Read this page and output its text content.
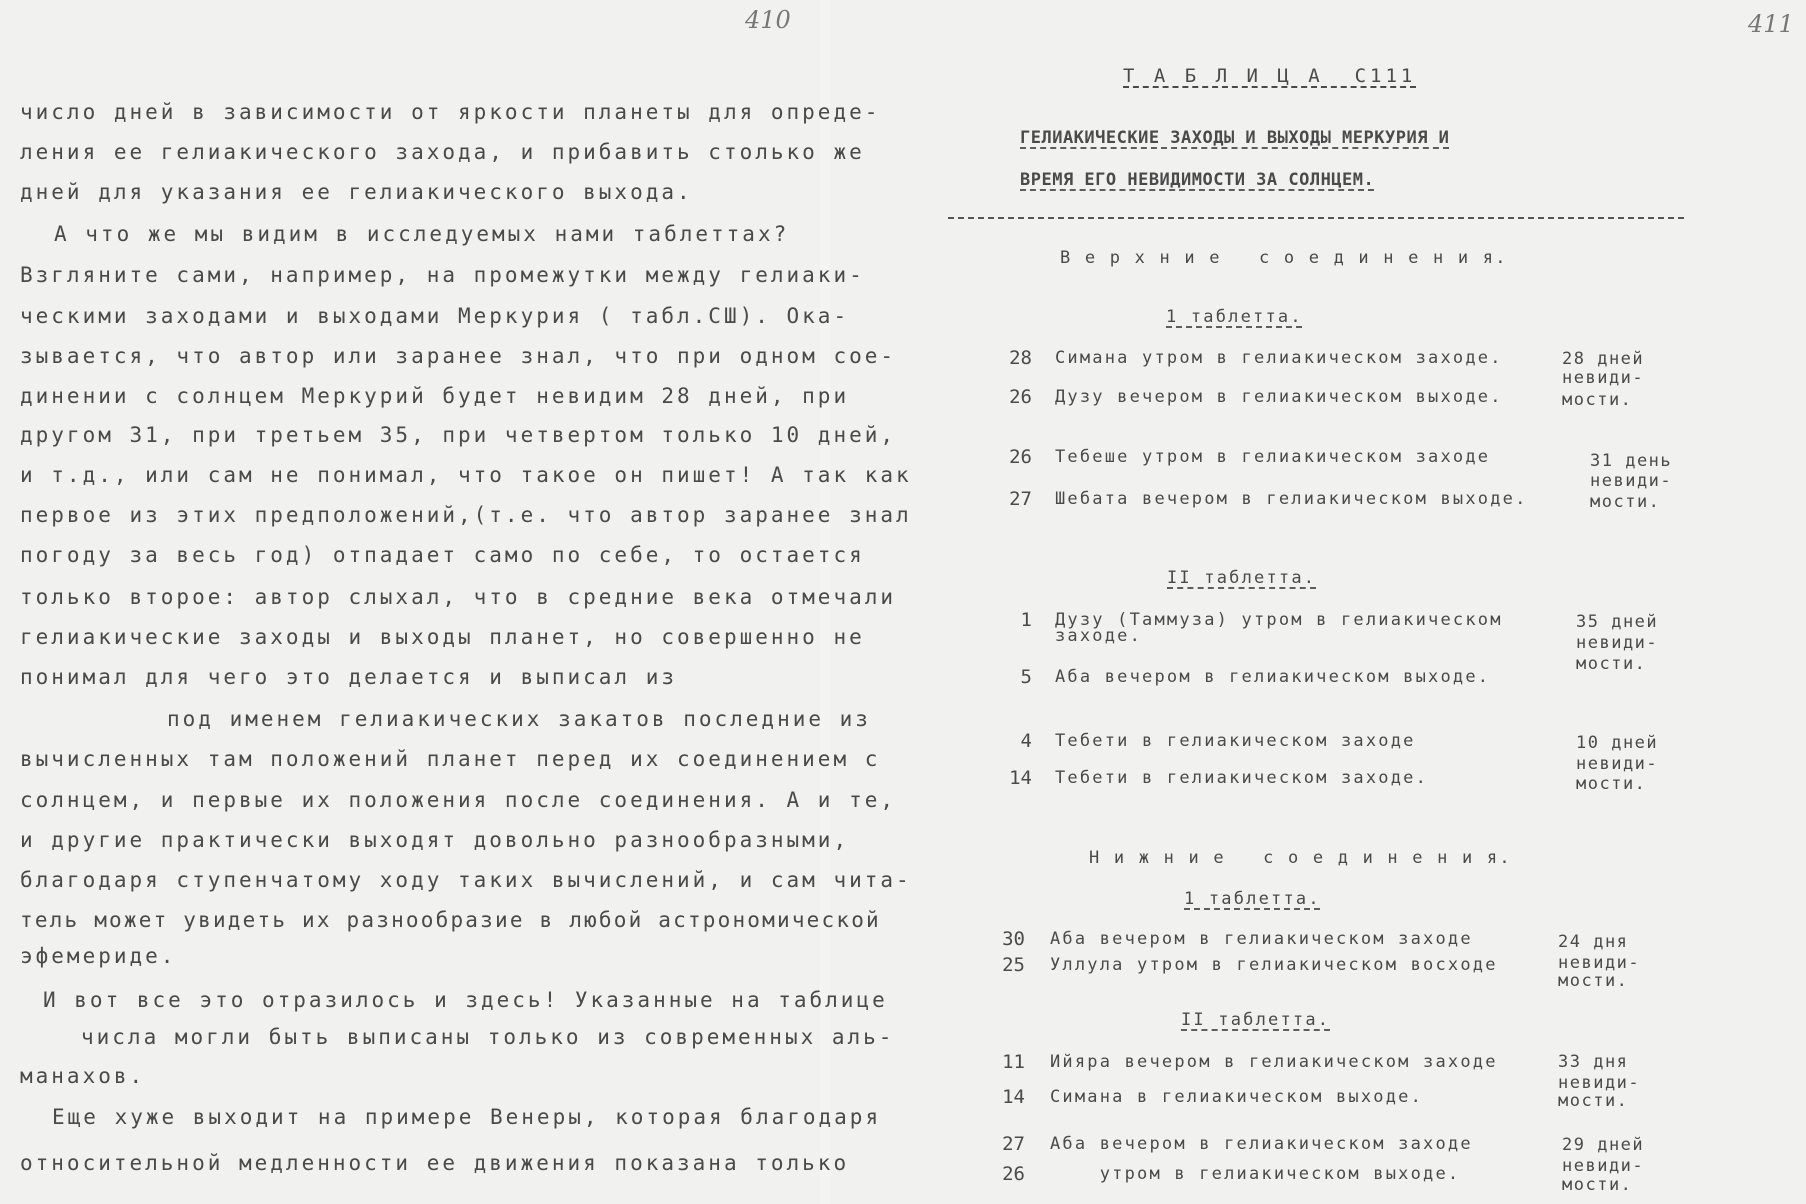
410
число дней в зависимости от яркости планеты для опреде-
ления ее гелиакического захода, и прибавить столько же
дней для указания ее гелиакического выхода.
А что же мы видим в исследуемых нами таблеттах?
Взгляните сами, например, на промежутки между гелиаки-
ческими заходами и выходами Меркурия ( табл.СШ). Ока-
зывается, что автор или заранее знал, что при одном сое-
динении с солнцем Меркурий будет невидим 28 дней, при
другом 31, при третьем 35, при четвертом только 10 дней,
и т.д., или сам не понимал, что такое он пишет! А так как
первое из этих предположений,(т.е. что автор заранее знал
погоду за весь год) отпадает само по себе, то остается
только второе: автор слыхал, что в средние века отмечали
гелиакические заходы и выходы планет, но совершенно не
понимал для чего это делается и выписал из
под именем гелиакических закатов последние из
вычисленных там положений планет перед их соединением с
солнцем, и первые их положения после соединения. А и те,
и другие практически выходят довольно разнообразными,
благодаря ступенчатому ходу таких вычислений, и сам чита-
тель может увидеть их разнообразие в любой астрономической
эфемериде.
И вот все это отразилось и здесь! Указанные на таблице
числа могли быть выписаны только из современных аль-
манахов.
Еще хуже выходит на примере Венеры, которая благодаря
относительной медленности ее движения показана только
411
Т А Б Л И Ц А  С111
ГЕЛИАКИЧЕСКИЕ ЗАХОДЫ И ВЫХОДЫ МЕРКУРИЯ И
ВРЕМЯ ЕГО НЕВИДИМОСТИ ЗА СОЛНЦЕМ.
В е р х н и е   с о е д и н е н и я.
1 таблетта.
28 Симана утром в гелиакическом заходе.
26 Дузу вечером в гелиакическом выходе.
28 дней
невиди-
мости.
26 Тебеше утром в гелиакическом заходе
27 Шебата вечером в гелиакическом выходе.
31 день
невиди-
мости.
II таблетта.
1 Дузу (Таммуза) утром в гелиакическом
заходе.
5 Аба вечером в гелиакическом выходе.
35 дней
невиди-
мости.
4 Тебети в гелиакическом заходе
14 Тебети в гелиакическом заходе.
10 дней
невиди-
мости.
Н и ж н и е   с о е д и н е н и я.
1 таблетта.
30 Аба вечером в гелиакическом заходе
25 Уллула утром в гелиакическом восходе
24 дня
невиди-
мости.
II таблетта.
11 Ийяра вечером в гелиакическом заходе
14 Симана в гелиакическом выходе.
33 дня
невиди-
мости.
27 Аба вечером в гелиакическом заходе
26 утром в гелиакическом выходе.
29 дней
невиди-
мости.
